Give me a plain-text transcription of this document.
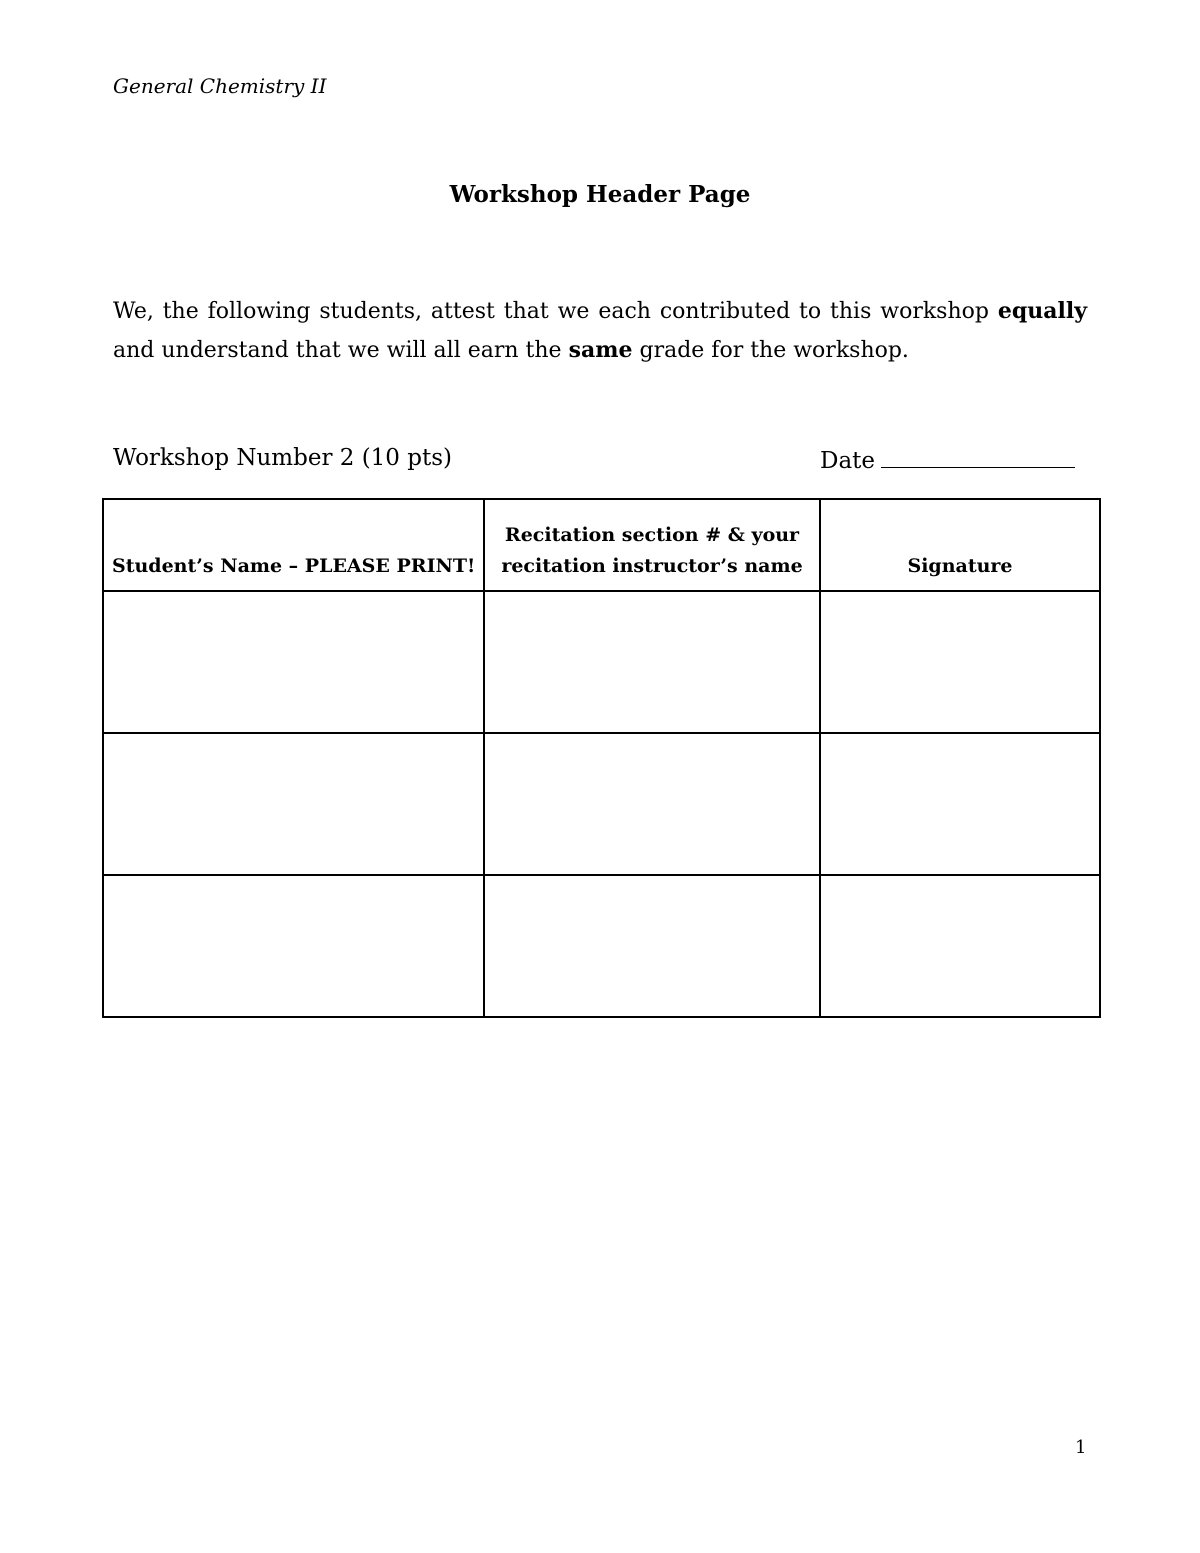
General Chemistry II
Workshop Header Page

We, the following students, attest that we each contributed to this workshop equally and understand that we will all earn the same grade for the workshop.

Workshop Number 2 (10 pts)	Date
Student’s Name – PLEASE PRINT!	Recitation section # & your recitation instructor’s name	Signature

1
